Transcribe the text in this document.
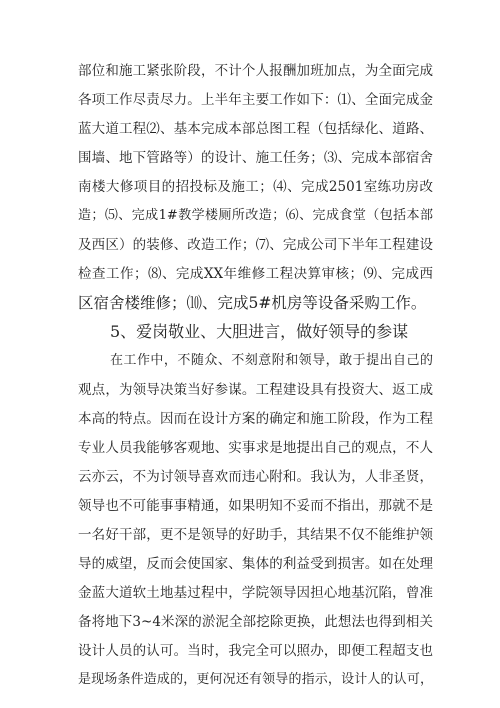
部位和施工紧张阶段，不计个人报酬加班加点，为全面完成
各项工作尽责尽力。上半年主要工作如下：⑴、全面完成金
蓝大道工程⑵、基本完成本部总图工程（包括绿化、道路、
围墙、地下管路等）的设计、施工任务；⑶、完成本部宿舍
南楼大修项目的招投标及施工；⑷、完成2501室练功房改
造；⑸、完成1#教学楼厕所改造；⑹、完成食堂（包括本部
及西区）的装修、改造工作；⑺、完成公司下半年工程建设
检查工作；⑻、完成XX年维修工程决算审核；⑼、完成西
区宿舍楼维修；⑽、完成5#机房等设备采购工作。
5、爱岗敬业、大胆进言，做好领导的参谋
在工作中，不随众、不刻意附和领导，敢于提出自己的
观点，为领导决策当好参谋。工程建设具有投资大、返工成
本高的特点。因而在设计方案的确定和施工阶段，作为工程
专业人员我能够客观地、实事求是地提出自己的观点，不人
云亦云，不为讨领导喜欢而违心附和。我认为，人非圣贤，
领导也不可能事事精通，如果明知不妥而不指出，那就不是
一名好干部，更不是领导的好助手，其结果不仅不能维护领
导的威望，反而会使国家、集体的利益受到损害。如在处理
金蓝大道软土地基过程中，学院领导因担心地基沉陷，曾准
备将地下3~4米深的淤泥全部挖除更换，此想法也得到相关
设计人员的认可。当时，我完全可以照办，即便工程超支也
是现场条件造成的，更何况还有领导的指示，设计人的认可，
